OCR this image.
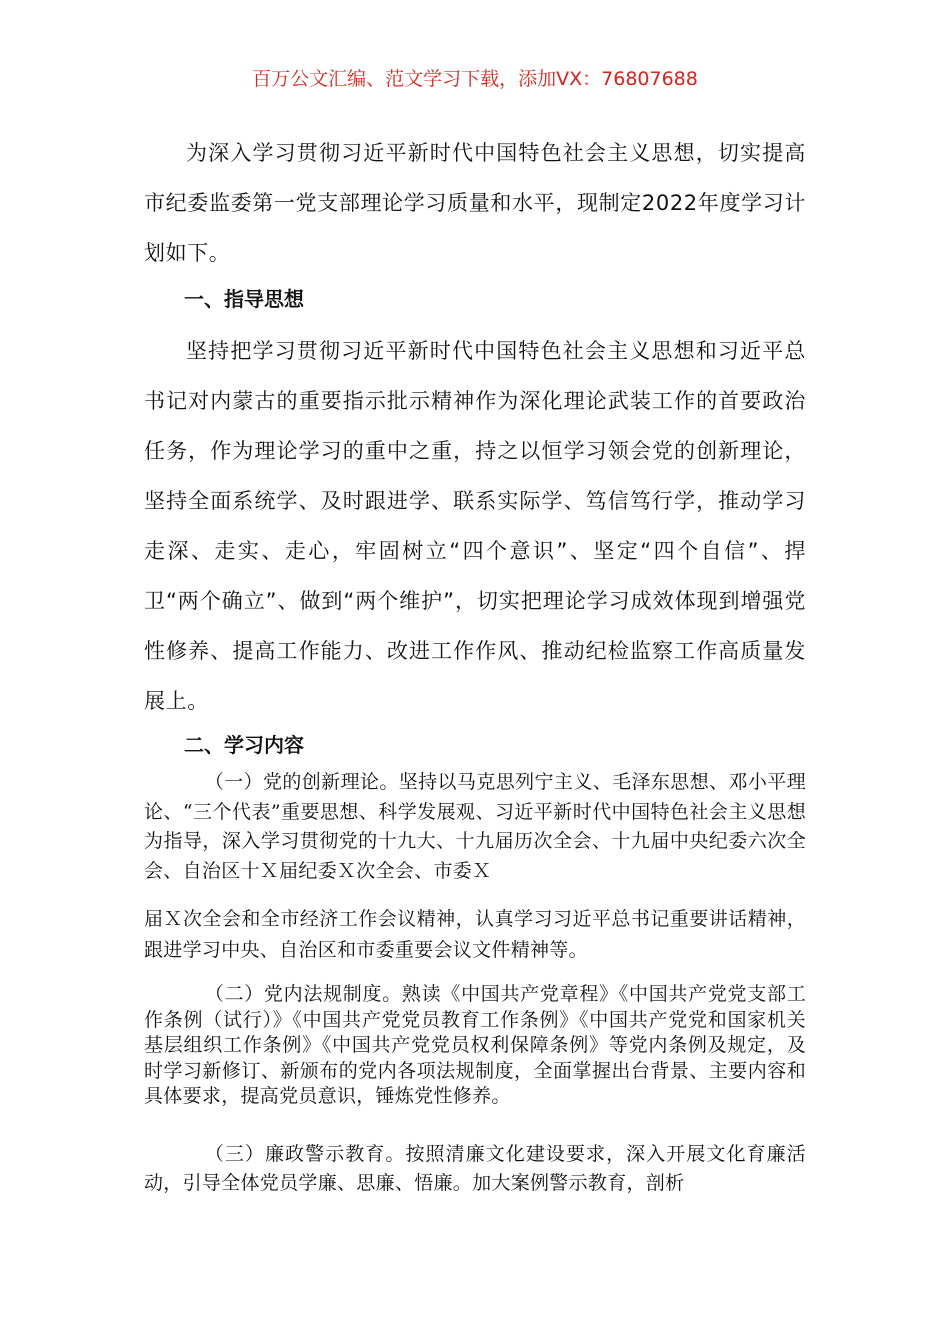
百万公文汇编、范文学习下载，添加VX：76807688

为深入学习贯彻习近平新时代中国特色社会主义思想，切实提高市纪委监委第一党支部理论学习质量和水平，现制定2022年度学习计划如下。

一、指导思想

坚持把学习贯彻习近平新时代中国特色社会主义思想和习近平总书记对内蒙古的重要指示批示精神作为深化理论武装工作的首要政治任务，作为理论学习的重中之重，持之以恒学习领会党的创新理论，坚持全面系统学、及时跟进学、联系实际学、笃信笃行学，推动学习走深、走实、走心，牢固树立“四个意识”、坚定“四个自信”、捍卫“两个确立”、做到“两个维护”，切实把理论学习成效体现到增强党性修养、提高工作能力、改进工作作风、推动纪检监察工作高质量发展上。

二、学习内容

（一）党的创新理论。坚持以马克思列宁主义、毛泽东思想、邓小平理论、“三个代表”重要思想、科学发展观、习近平新时代中国特色社会主义思想为指导，深入学习贯彻党的十九大、十九届历次全会、十九届中央纪委六次全会、自治区十Ｘ届纪委Ｘ次全会、市委Ｘ

届Ｘ次全会和全市经济工作会议精神，认真学习习近平总书记重要讲话精神，跟进学习中央、自治区和市委重要会议文件精神等。

（二）党内法规制度。熟读《中国共产党章程》《中国共产党党支部工作条例（试行）》《中国共产党党员教育工作条例》《中国共产党党和国家机关基层组织工作条例》《中国共产党党员权利保障条例》等党内条例及规定，及时学习新修订、新颁布的党内各项法规制度，全面掌握出台背景、主要内容和具体要求，提高党员意识，锤炼党性修养。

（三）廉政警示教育。按照清廉文化建设要求，深入开展文化育廉活动，引导全体党员学廉、思廉、悟廉。加大案例警示教育，剖析
